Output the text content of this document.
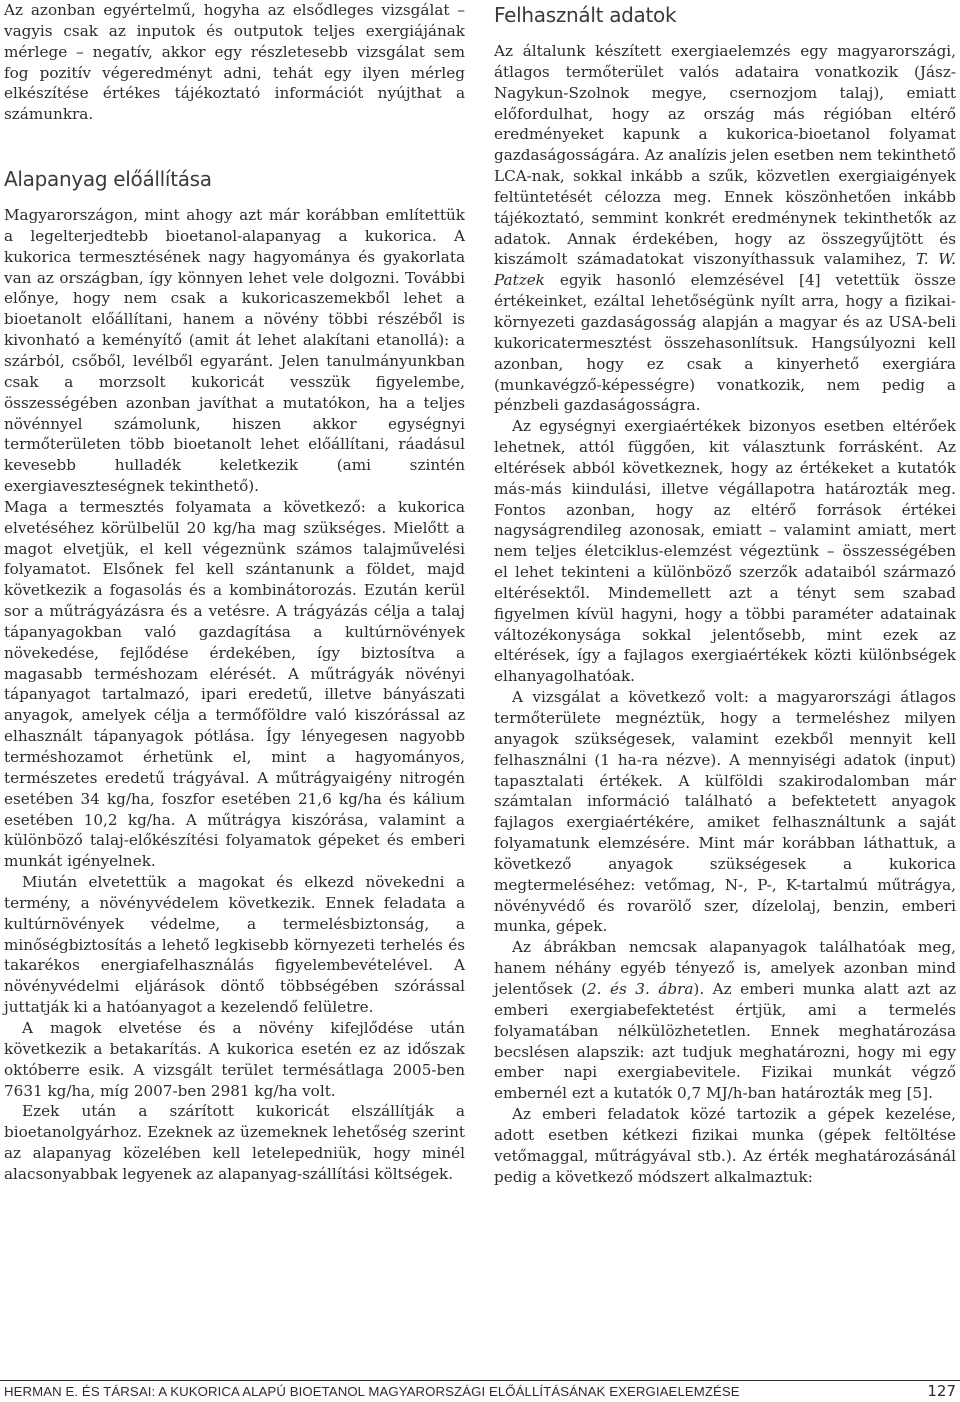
Az azonban egyértelmű, hogyha az elsődleges vizsgálat – vagyis csak az inputok és outputok teljes exergiájának mérlege – negatív, akkor egy részletesebb vizsgálat sem fog pozitív végeredményt adni, tehát egy ilyen mérleg elkészítése értékes tájékoztató információt nyújthat a számunkra.

Alapanyag előállítása

Magyarországon, mint ahogy azt már korábban említettük a legelterjedtebb bioetanol-alapanyag a kukorica. A kukorica termesztésének nagy hagyománya és gyakorlata van az országban, így könnyen lehet vele dolgozni. További előnye, hogy nem csak a kukoricaszemekből lehet a bioetanolt előállítani, hanem a növény többi részéből is kivonható a keményítő (amit át lehet alakítani etanollá): a szárból, csőből, levélből egyaránt. Jelen tanulmányunkban csak a morzsolt kukoricát vesszük figyelembe, összességében azonban javíthat a mutatókon, ha a teljes növénnyel számolunk, hiszen akkor egységnyi termőterületen több bioetanolt lehet előállítani, ráadásul kevesebb hulladék keletkezik (ami szintén exergiaveszteségnek tekinthető).

Maga a termesztés folyamata a következő: a kukorica elvetéséhez körülbelül 20 kg/ha mag szükséges. Mielőtt a magot elvetjük, el kell végeznünk számos talajművelési folyamatot. Elsőnek fel kell szántanunk a földet, majd következik a fogasolás és a kombinátorozás. Ezután kerül sor a műtrágyázásra és a vetésre. A trágyázás célja a talaj tápanyagokban való gazdagítása a kultúrnövények növekedése, fejlődése érdekében, így biztosítva a magasabb terméshozam elérését. A műtrágyák növényi tápanyagot tartalmazó, ipari eredetű, illetve bányászati anyagok, amelyek célja a termőföldre való kiszórással az elhasznált tápanyagok pótlása. Így lényegesen nagyobb terméshozamot érhetünk el, mint a hagyományos, természetes eredetű trágyával. A műtrágyaigény nitrogén esetében 34 kg/ha, foszfor esetében 21,6 kg/ha és kálium esetében 10,2 kg/ha. A műtrágya kiszórása, valamint a különböző talaj-előkészítési folyamatok gépeket és emberi munkát igényelnek.

Miután elvetettük a magokat és elkezd növekedni a termény, a növényvédelem következik. Ennek feladata a kultúrnövények védelme, a termelésbiztonság, a minőségbiztosítás a lehető legkisebb környezeti terhelés és takarékos energiafelhasználás figyelembevételével. A növényvédelmi eljárások döntő többségében szórással juttatják ki a hatóanyagot a kezelendő felületre.

A magok elvetése és a növény kifejlődése után következik a betakarítás. A kukorica esetén ez az időszak októberre esik. A vizsgált terület termésátlaga 2005-ben 7631 kg/ha, míg 2007-ben 2981 kg/ha volt.

Ezek után a szárított kukoricát elszállítják a bioetanolgyárhoz. Ezeknek az üzemeknek lehetőség szerint az alapanyag közelében kell letelepedniük, hogy minél alacsonyabbak legyenek az alapanyag-szállítási költségek.

Felhasznált adatok

Az általunk készített exergiaelemzés egy magyarországi, átlagos termőterület valós adataira vonatkozik (Jász-Nagykun-Szolnok megye, csernozjom talaj), emiatt előfordulhat, hogy az ország más régióban eltérő eredményeket kapunk a kukorica-bioetanol folyamat gazdaságosságára. Az analízis jelen esetben nem tekinthető LCA-nak, sokkal inkább a szűk, közvetlen exergiaigények feltüntetését célozza meg. Ennek köszönhetően inkább tájékoztató, semmint konkrét eredménynek tekinthetők az adatok. Annak érdekében, hogy az összegyűjtött és kiszámolt számadatokat viszonyíthassuk valamihez, T. W. Patzek egyik hasonló elemzésével [4] vetettük össze értékeinket, ezáltal lehetőségünk nyílt arra, hogy a fizikai-környezeti gazdaságosság alapján a magyar és az USA-beli kukoricatermesztést összehasonlítsuk. Hangsúlyozni kell azonban, hogy ez csak a kinyerhető exergiára (munkavégző-képességre) vonatkozik, nem pedig a pénzbeli gazdaságosságra.

Az egységnyi exergiaértékek bizonyos esetben eltérőek lehetnek, attól függően, kit választunk forrásként. Az eltérések abból következnek, hogy az értékeket a kutatók más-más kiindulási, illetve végállapotra határozták meg. Fontos azonban, hogy az eltérő források értékei nagyságrendileg azonosak, emiatt – valamint amiatt, mert nem teljes életciklus-elemzést végeztünk – összességében el lehet tekinteni a különböző szerzők adataiból származó eltérésektől. Mindemellett azt a tényt sem szabad figyelmen kívül hagyni, hogy a többi paraméter adatainak változékonysága sokkal jelentősebb, mint ezek az eltérések, így a fajlagos exergiaértékek közti különbségek elhanyagolhatóak.

A vizsgálat a következő volt: a magyarországi átlagos termőterülete megnéztük, hogy a termeléshez milyen anyagok szükségesek, valamint ezekből mennyit kell felhasználni (1 ha-ra nézve). A mennyiségi adatok (input) tapasztalati értékek. A külföldi szakirodalomban már számtalan információ található a befektetett anyagok fajlagos exergiaértékére, amiket felhasználtunk a saját folyamatunk elemzésére. Mint már korábban láthattuk, a következő anyagok szükségesek a kukorica megtermeléséhez: vetőmag, N-, P-, K-tartalmú műtrágya, növényvédő és rovarölő szer, dízelolaj, benzin, emberi munka, gépek.

Az ábrákban nemcsak alapanyagok találhatóak meg, hanem néhány egyéb tényező is, amelyek azonban mind jelentősek (2. és 3. ábra). Az emberi munka alatt azt az emberi exergiabefektetést értjük, ami a termelés folyamatában nélkülözhetetlen. Ennek meghatározása becslésen alapszik: azt tudjuk meghatározni, hogy mi egy ember napi exergiabevitele. Fizikai munkát végző embernél ezt a kutatók 0,7 MJ/h-ban határozták meg [5].

Az emberi feladatok közé tartozik a gépek kezelése, adott esetben kétkezi fizikai munka (gépek feltöltése vetőmaggal, műtrágyával stb.). Az érték meghatározásánál pedig a következő módszert alkalmaztuk:

HERMAN E. ÉS TÁRSAI: A KUKORICA ALAPÚ BIOETANOL MAGYARORSZÁGI ELŐÁLLÍTÁSÁNAK EXERGIAELEMZÉSE	127
